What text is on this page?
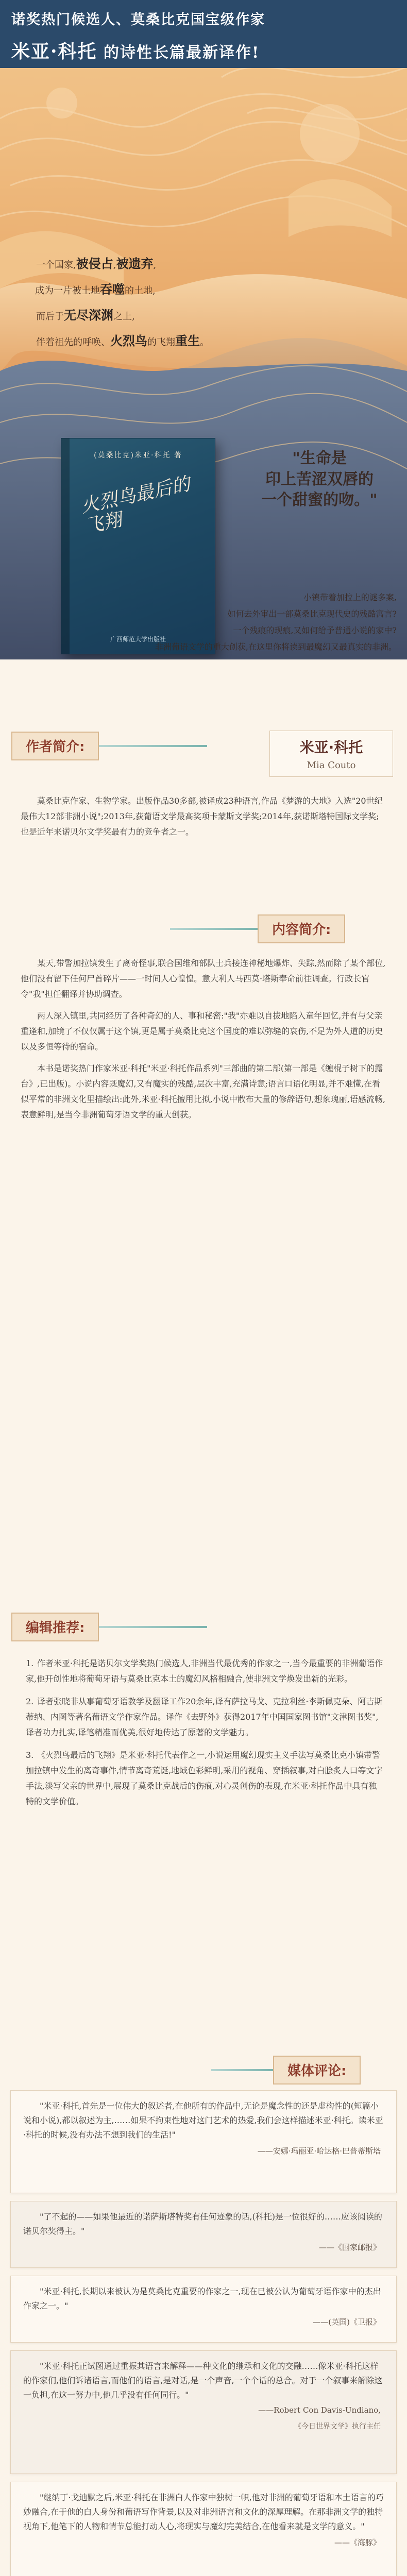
诺奖热门候选人、莫桑比克国宝级作家

米亚·科托 的诗性长篇最新译作!

一个国家,被侵占,被遗弃,

成为一片被土地吞噬的土地,

而后于无尽深渊之上,

伴着祖先的呼唤、火烈鸟的飞翔重生。

(莫桑比克)米亚·科托 著
火烈鸟最后的飞翔
广西师范大学出版社

"生命是

印上苦涩双唇的

一个甜蜜的吻。"

小镇带着加拉上的谜多案,

如何去外审出一部莫桑比克现代史的残酷寓言?

一个残痕的现痕,又如何给予普通小说的家中?

非洲葡语文学的重大创获,在这里你将读到最魔幻又最真实的非洲。

作者简介:	米亚·科托
Mia Couto

莫桑比克作家、生物学家。出版作品30多部,被译成23种语言,作品《梦游的大地》入选"20世纪最伟大12部非洲小说";2013年,获葡语文学最高奖项卡蒙斯文学奖;2014年,获诺斯塔特国际文学奖;也是近年来诺贝尔文学奖最有力的竞争者之一。

内容简介:

某天,带警加拉镇发生了离奇怪事,联合国维和部队士兵接连神秘地爆炸、失踪,然而除了某个部位,他们没有留下任何尸首碎片——一时间人心惶惶。意大利人马西莫·塔斯奉命前往调查。行政长官令"我"担任翻译并协助调查。

两人深入镇里,共同经历了各种奇幻的人、事和秘密:"我"亦难以自拔地陷入童年回忆,并有与父亲重逢和,加镜了不仅仅属于这个镇,更是属于莫桑比克这个国度的难以弥缝的哀伤,不足为外人道的历史以及多恒等待的宿命。

本书是诺奖热门作家米亚·科托"米亚·科托作品系列"三部曲的第二部(第一部是《缠棍子树下的露台》,已出版)。小说内容既魔幻,又有魔实的残酷,层次丰富,充满诗意;语言口语化明显,并不难懂,在看似平常的非洲文化里描绘出:此外,米亚·科托擅用比拟,小说中散布大量的修辞语句,想象瑰丽,语感流畅,表意鲜明,是当今非洲葡萄牙语文学的重大创获。

编辑推荐:
1. 作者米亚·科托是诺贝尔文学奖热门候选人,非洲当代最优秀的作家之一,当今最重要的非洲葡语作家,他开创性地将葡萄牙语与莫桑比克本土的魔幻风格相融合,使非洲文学焕发出新的光彩。
2. 译者张晓非从事葡萄牙语教学及翻译工作20余年,译有萨拉马戈、克拉利丝·李斯佩克朵、阿吉斯蒂纳、内图等著名葡语文学作家作品。译作《去野外》获得2017年中国国家图书馆"文津图书奖",译者功力扎实,译笔精准而优美,很好地传达了原著的文学魅力。
3. 《火烈鸟最后的飞翔》是米亚·科托代表作之一,小说运用魔幻现实主义手法写莫桑比克小镇带警加拉镇中发生的离奇事件,情节离奇荒诞,地域色彩鲜明,采用的视角、穿插叙事,对白脍炙人口等文字手法,淡写父亲的世界中,展现了莫桑比克战后的伤痕,对心灵创伤的表现,在米亚·科托作品中具有独特的文学价值。
媒体评论:

"米亚·科托,首先是一位伟大的叙述者,在他所有的作品中,无论是魔念性的还是虚构性的(短篇小说和小说),都以叙述为主,……如果不拘束性地对这门艺术的热爱,我们会这样描述米亚·科托。读米亚·科托的时候,没有办法不想到我们的生活!"

——安娜·玛丽亚·哈达格·巴普蒂斯塔

"了不起的——如果他最近的诺萨斯塔特奖有任何迹象的话,(科托)是一位很好的……应该阅读的诺贝尔奖得主。"

——《国家邮报》

"米亚·科托,长期以来被认为是莫桑比克重要的作家之一,现在已被公认为葡萄牙语作家中的杰出作家之一。"

——(英国)《卫报》

"米亚·科托正试图通过重振其语言来解释——种文化的继承和文化的交融……像米亚·科托这样的作家们,他们诉诸语言,而他们的语言,是对话,是一个声音,一个个话的总合。对于一个叙事来解除这一负担,在这一努力中,他几乎没有任何同行。"

——Robert Con Davis-Undiano,

《今日世界文学》执行主任

"继纳丁·戈迪默之后,米亚·科托在非洲白人作家中独树一帜,他对非洲的葡萄牙语和本土语言的巧妙融合,在于他的白人身份和葡语写作背景,以及对非洲语言和文化的深厚理解。在那非洲文学的独特视角下,他笔下的人物和情节总能打动人心,将现实与魔幻完美结合,在他看来就是文学的意义。"

——《海豚》
